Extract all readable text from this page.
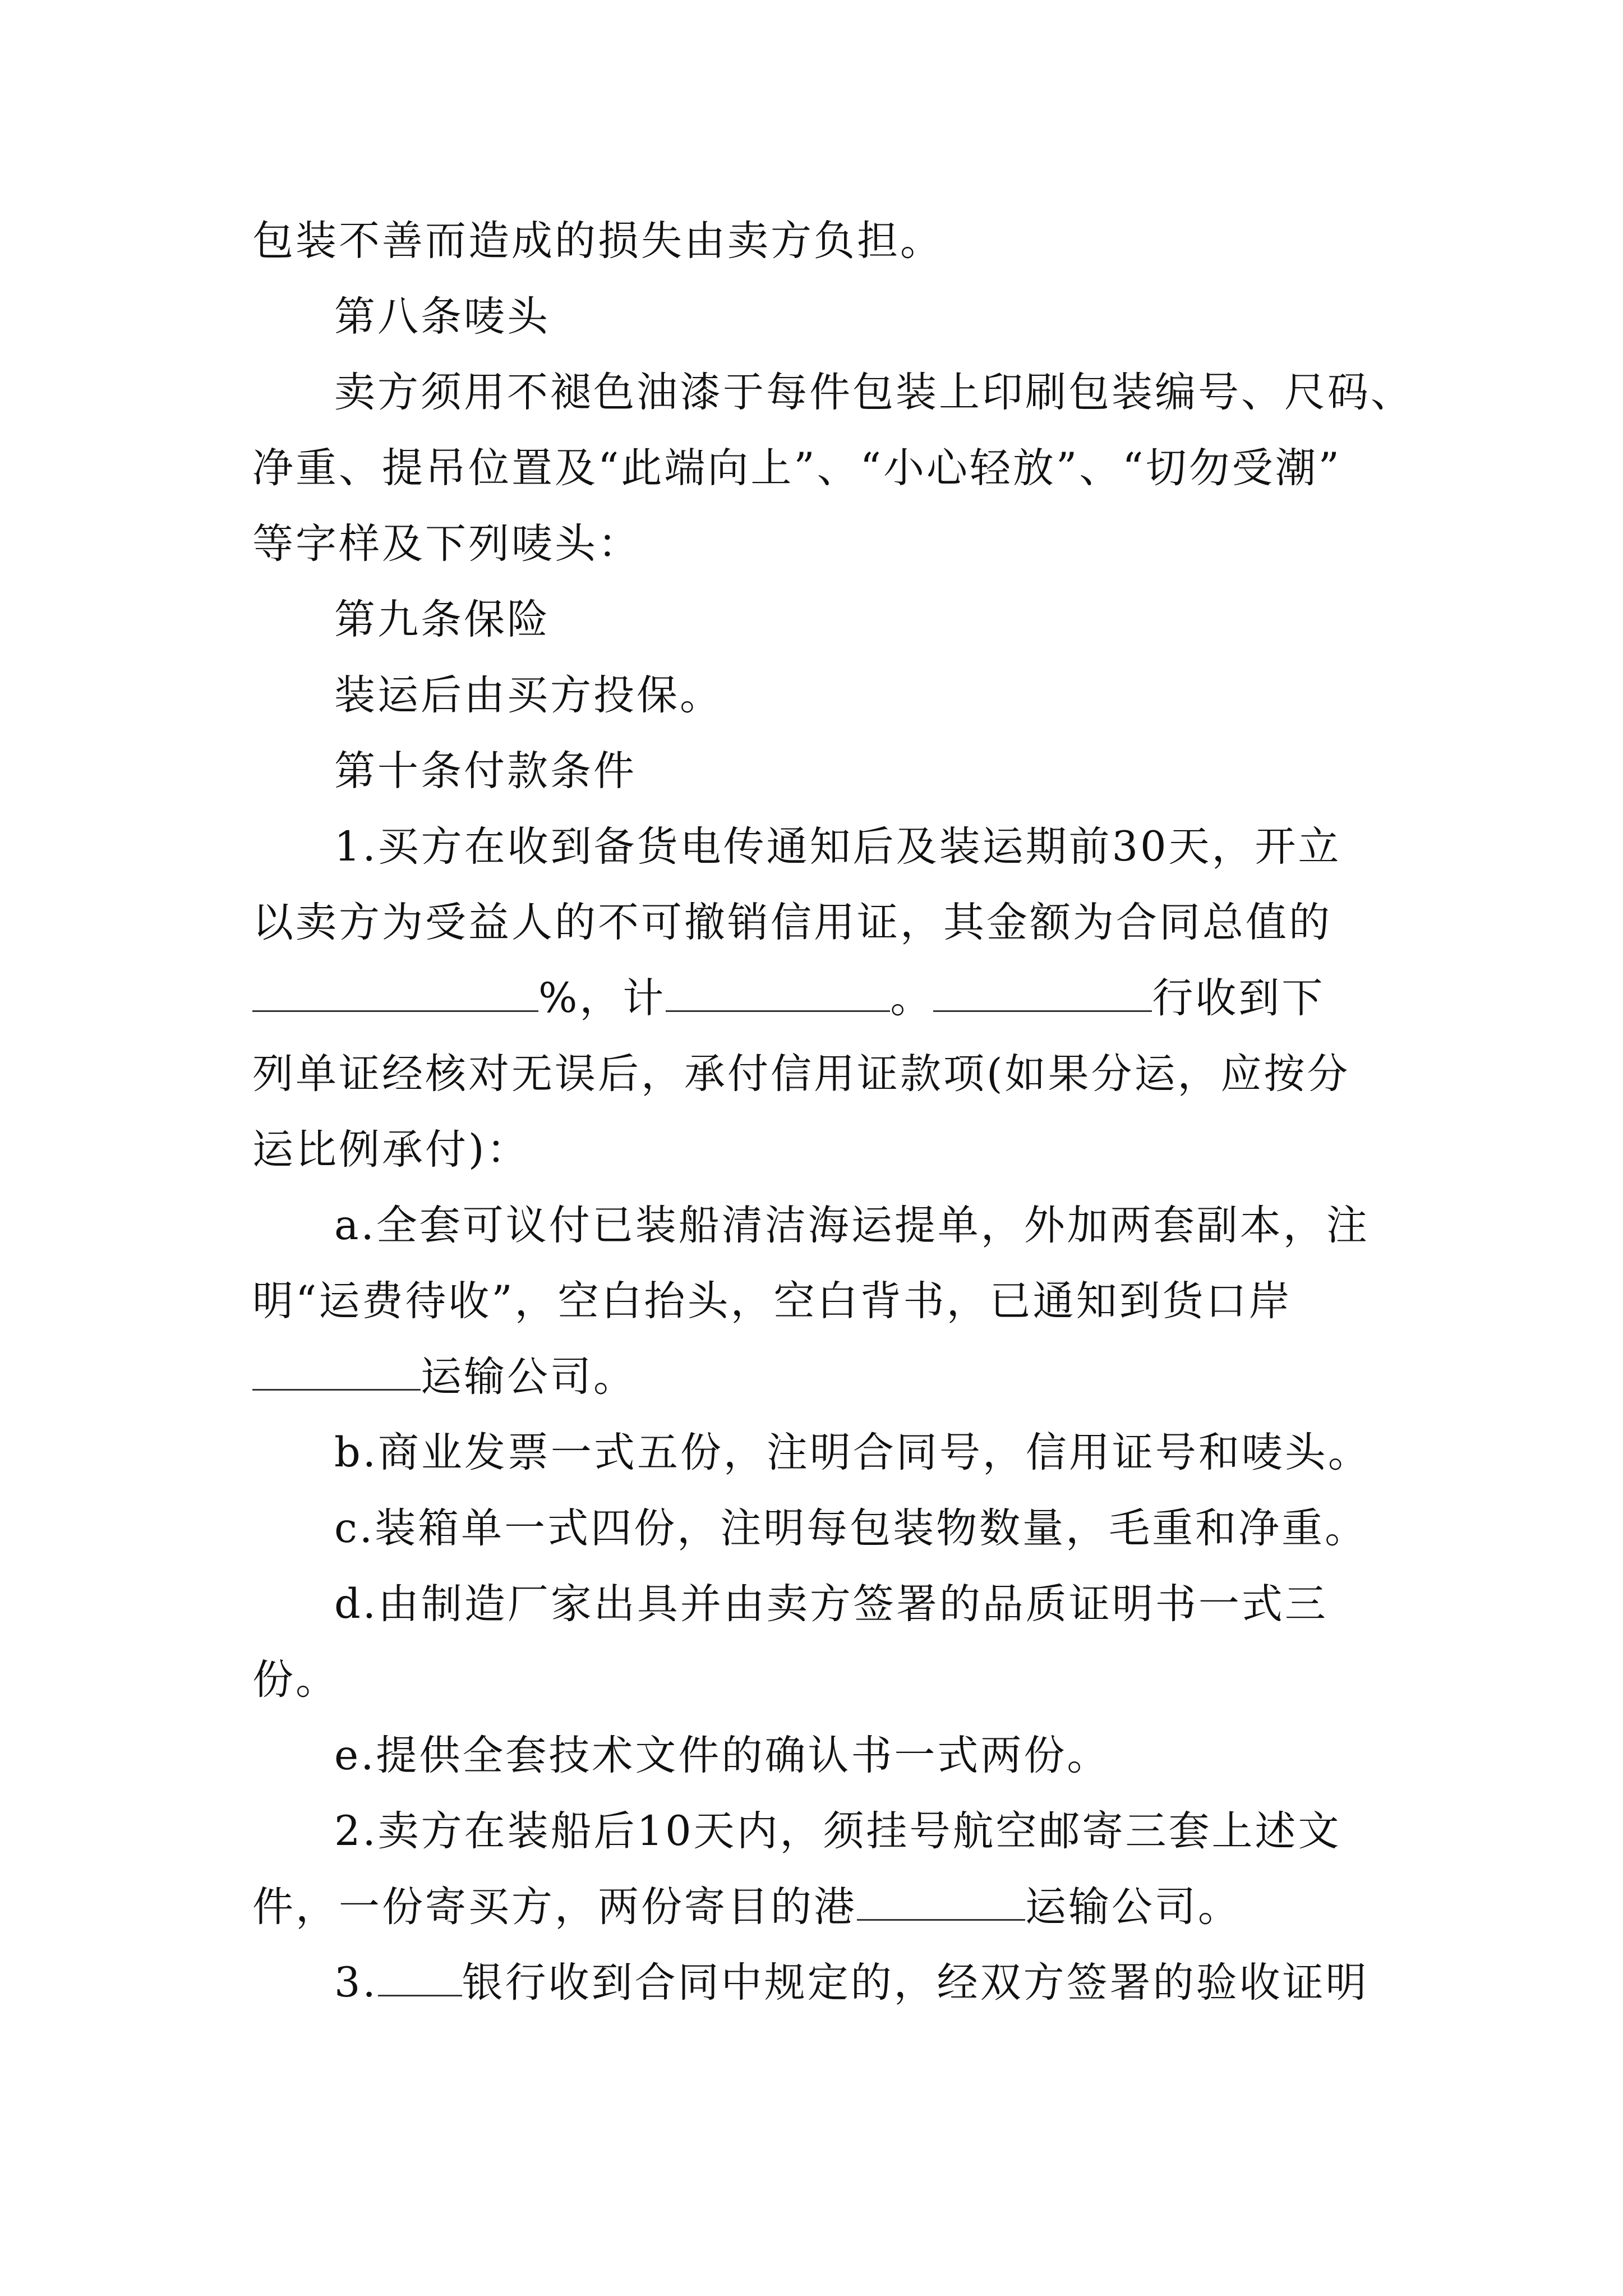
包装不善而造成的损失由卖方负担。
第八条唛头
卖方须用不褪色油漆于每件包装上印刷包装编号、尺码、
净重、提吊位置及“此端向上”、“小心轻放”、“切勿受潮”
等字样及下列唛头：
第九条保险
装运后由买方投保。
第十条付款条件
1.买方在收到备货电传通知后及装运期前30天，开立
以卖方为受益人的不可撤销信用证，其金额为合同总值的
%，计	。	行收到下
列单证经核对无误后，承付信用证款项(如果分运，应按分
运比例承付)：
a.全套可议付已装船清洁海运提单，外加两套副本，注
明“运费待收”，空白抬头，空白背书，已通知到货口岸
运输公司。
b.商业发票一式五份，注明合同号，信用证号和唛头。
c.装箱单一式四份，注明每包装物数量，毛重和净重。
d.由制造厂家出具并由卖方签署的品质证明书一式三
份。
e.提供全套技术文件的确认书一式两份。
2.卖方在装船后10天内，须挂号航空邮寄三套上述文
件，一份寄买方，两份寄目的港	运输公司。
3. 银行收到合同中规定的，经双方签署的验收证明
